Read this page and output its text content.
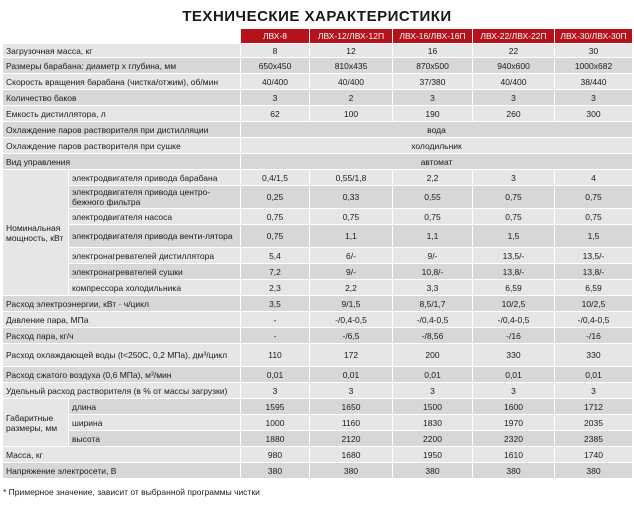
ТЕХНИЧЕСКИЕ ХАРАКТЕРИСТИКИ
		ЛВХ-8	ЛВХ-12/ЛВХ-12П	ЛВХ-16/ЛВХ-16П	ЛВХ-22/ЛВХ-22П	ЛВХ-30/ЛВХ-30П
Загрузочная масса, кг		8	12	16	22	30
Размеры барабана: диаметр х глубина, мм		650х450	810х435	870х500	940х600	1000х682
Скорость вращения барабана (чистка/отжим), об/мин		40/400	40/400	37/380	40/400	38/440
Количество баков		3	2	3	3	3
Емкость дистиллятора, л		62	100	190	260	300
Охлаждение паров растворителя при дистилляции		вода				
Охлаждение паров растворителя при сушке		холодильник				
Вид управления		автомат				
Номинальная мощность, кВт	электродвигателя привода барабана	0,4/1,5	0,55/1,8	2,2	3	4
	электродвигателя привода центро-бежного фильтра	0,25	0,33	0,55	0,75	0,75
	электродвигателя насоса	0,75	0,75	0,75	0,75	0,75
	электродвигателя привода венти-лятора	0,75	1,1	1,1	1,5	1,5
	электронагревателей дистиллятора	5,4	6/-	9/-	13,5/-	13,5/-
	электронагревателей сушки	7,2	9/-	10,8/-	13,8/-	13,8/-
	компрессора холодильника	2,3	2,2	3,3	6,59	6,59
Расход электроэнергии, кВт · ч/цикл		3,5	9/1,5	8,5/1,7	10/2,5	10/2,5
Давление пара, МПа		-	-/0,4-0,5	-/0,4-0,5	-/0,4-0,5	-/0,4-0,5
Расход пара, кг/ч		-	-/6,5	-/8,56	-/16	-/16
Расход охлаждающей воды (t<250С, 0,2 МПа), дм³/цикл		110	172	200	330	330
Расход сжатого воздуха (0,6 МПа), м³/мин		0,01	0,01	0,01	0,01	0,01
Удельный расход растворителя (в % от массы загрузки)		3	3	3	3	3
Габаритные размеры, мм	длина	1595	1650	1500	1600	1712
	ширина	1000	1160	1830	1970	2035
	высота	1880	2120	2200	2320	2385
Масса, кг		980	1680	1950	1610	1740
Напряжение электросети, В		380	380	380	380	380
* Примерное значение, зависит от выбранной программы чистки
